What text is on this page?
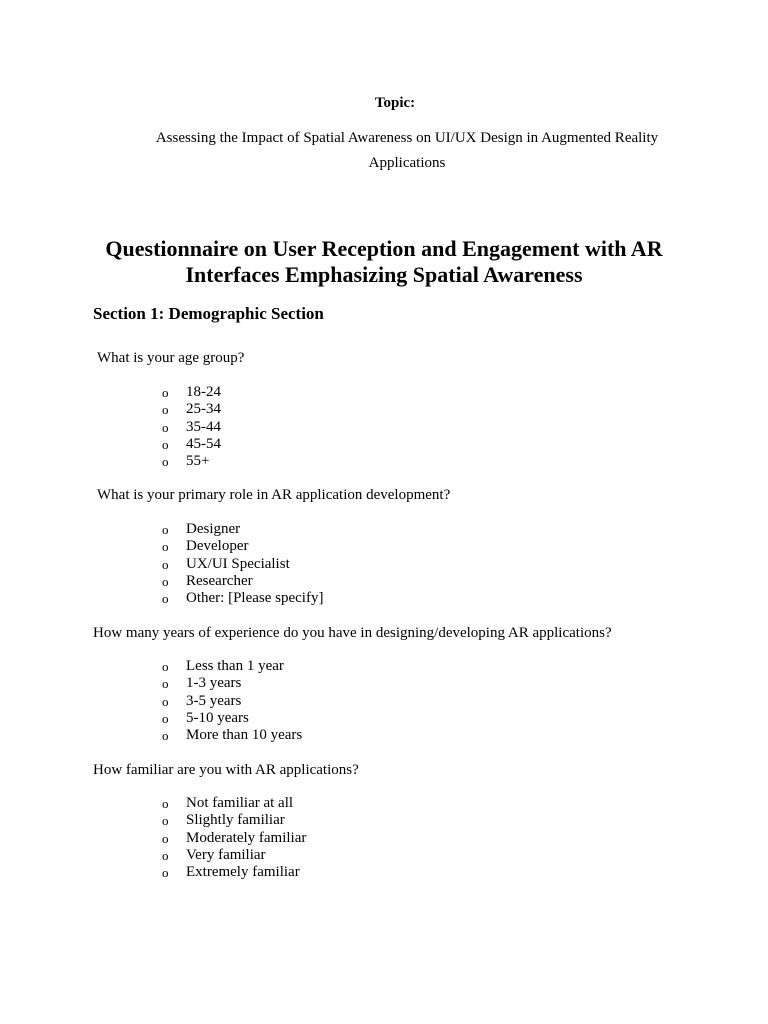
Topic:
Assessing the Impact of Spatial Awareness on UI/UX Design in Augmented Reality Applications
Questionnaire on User Reception and Engagement with AR Interfaces Emphasizing Spatial Awareness
Section 1: Demographic Section

What is your age group?

o	18-24
o	25-34
o	35-44
o	45-54
o	55+

What is your primary role in AR application development?

o	Designer
o	Developer
o	UX/UI Specialist
o	Researcher
o	Other: [Please specify]

How many years of experience do you have in designing/developing AR applications?

o	Less than 1 year
o	1-3 years
o	3-5 years
o	5-10 years
o	More than 10 years

How familiar are you with AR applications?

o	Not familiar at all
o	Slightly familiar
o	Moderately familiar
o	Very familiar
o	Extremely familiar
